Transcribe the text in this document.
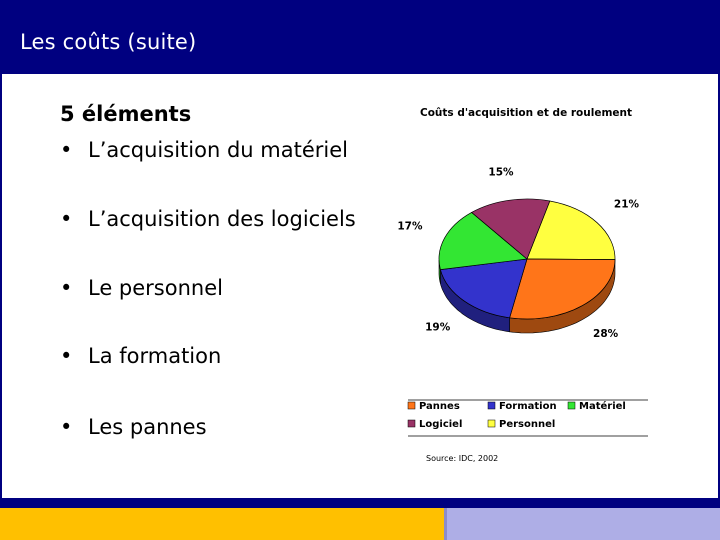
Les coûts (suite)
5 éléments
• L’acquisition du matériel
• L’acquisition des logiciels
• Le personnel
• La formation
• Les pannes
Coûts d'acquisition et de roulement
21%
28%
19%
17%
15%
Pannes	Formation Matériel
Logiciel	Personnel
Source: IDC, 2002
